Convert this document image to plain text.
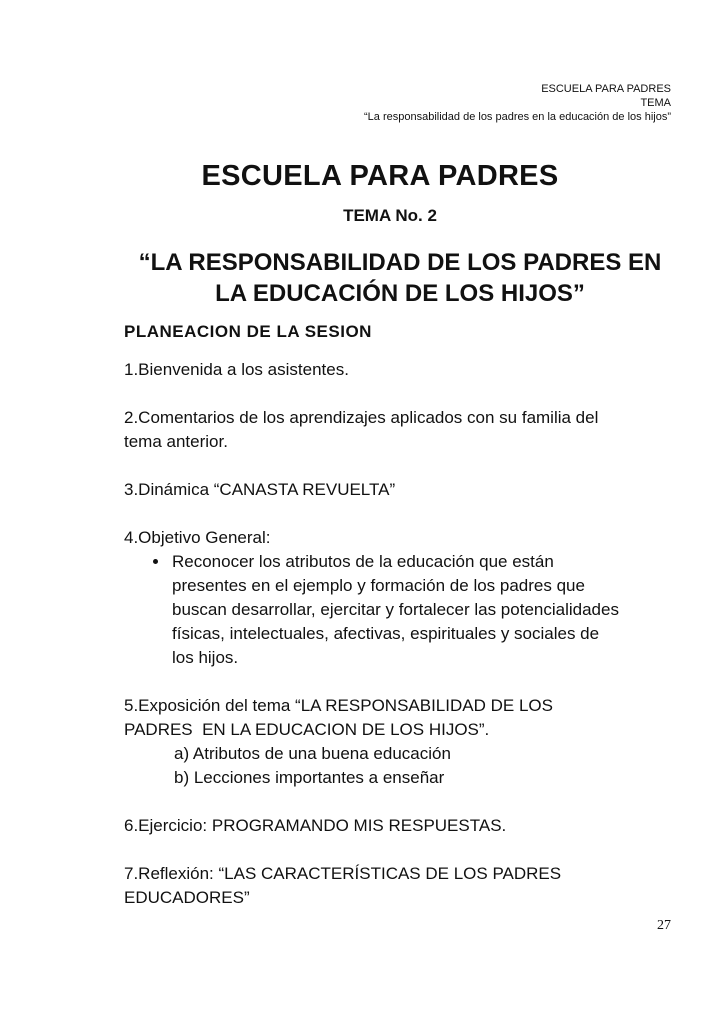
ESCUELA PARA PADRES
TEMA
“La responsabilidad de los padres en la educación de los hijos”
ESCUELA PARA PADRES
TEMA No. 2
“LA RESPONSABILIDAD DE LOS PADRES EN
LA EDUCACIÓN DE LOS HIJOS”
PLANEACION DE LA SESION
1.Bienvenida a los asistentes.
2.Comentarios de los aprendizajes aplicados con su familia del
tema anterior.
3.Dinámica “CANASTA REVUELTA”
4.Objetivo General:
• Reconocer los atributos de la educación que están
presentes en el ejemplo y formación de los padres que
buscan desarrollar, ejercitar y fortalecer las potencialidades
físicas, intelectuales, afectivas, espirituales y sociales de
los hijos.
5.Exposición del tema “LA RESPONSABILIDAD DE LOS
PADRES  EN LA EDUCACION DE LOS HIJOS”.
a) Atributos de una buena educación
b) Lecciones importantes a enseñar
6.Ejercicio: PROGRAMANDO MIS RESPUESTAS.
7.Reflexión: “LAS CARACTERÍSTICAS DE LOS PADRES
EDUCADORES”
27
